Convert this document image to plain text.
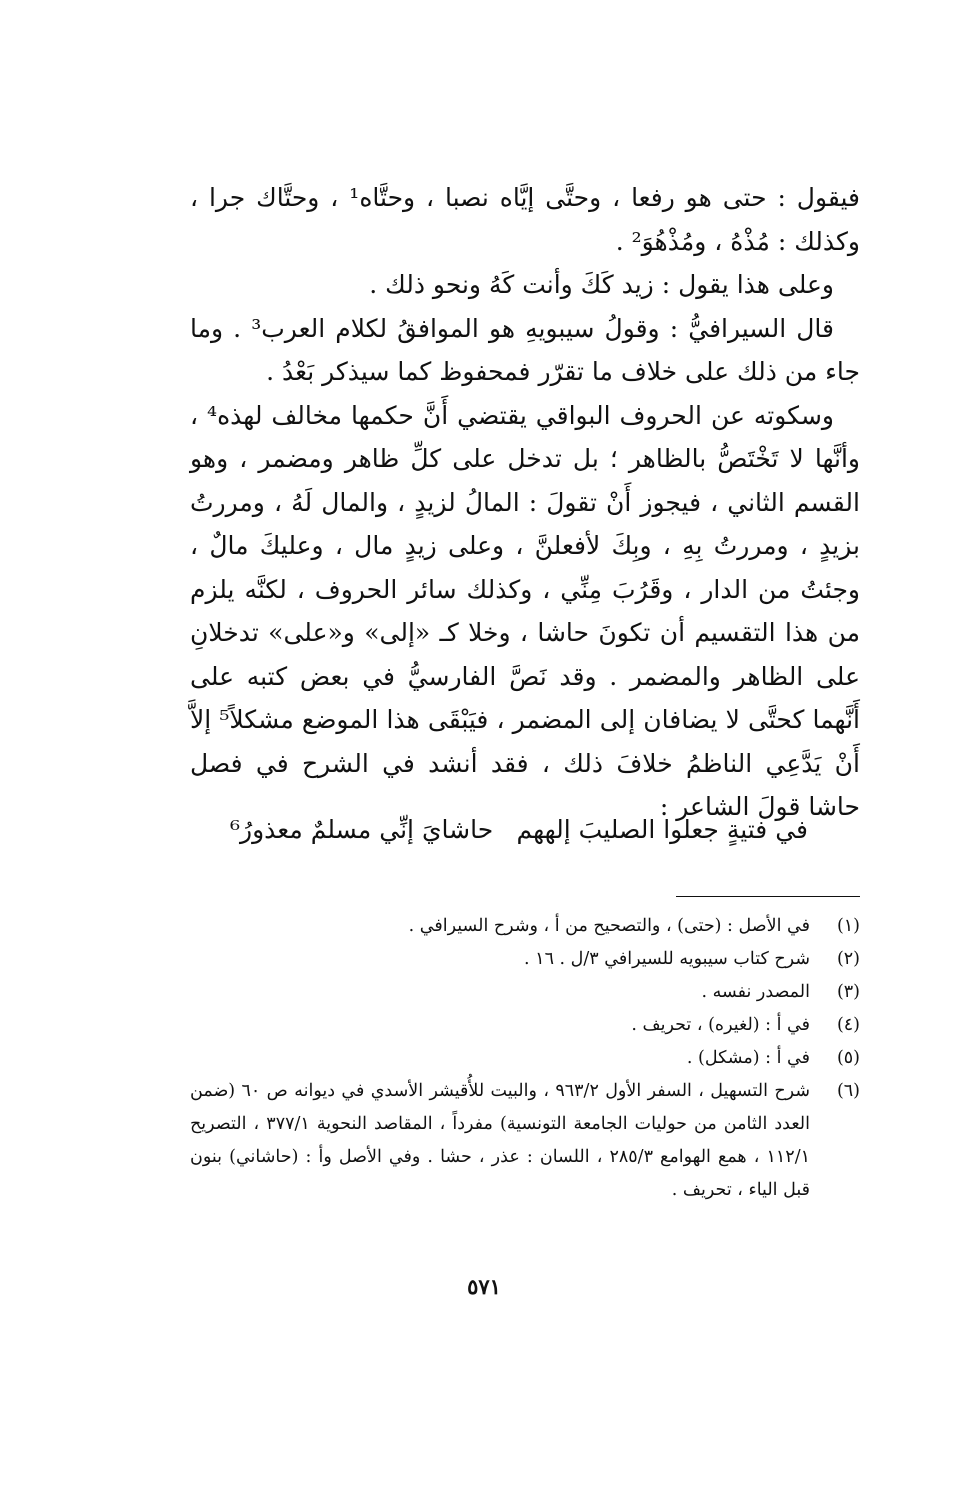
فيقول : حتى هو رفعا ، وحتَّى إيَّاه نصبا ، وحتَّاه¹ ، وحتَّاك جرا ، وكذلك : مُذْهُ ، ومُذْهُوَ² .

وعلى هذا يقول : زيد كَكَ وأنت كَهُ ونحو ذلك .

قال السيرافيُّ : وقولُ سيبويهِ هو الموافقُ لكلام العرب³ . وما جاء من ذلك على خلاف ما تقرّر فمحفوظ كما سيذكر بَعْدُ .

وسكوته عن الحروف البواقي يقتضي أَنَّ حكمها مخالف لهذه⁴ ، وأنَّها لا تَخْتَصُّ بالظاهر ؛ بل تدخل على كلِّ ظاهر ومضمر ، وهو القسم الثاني ، فيجوز أَنْ تقولَ : المالُ لزيدٍ ، والمال لَهُ ، ومررتُ بزيدٍ ، ومررتُ بِهِ ، وبِكَ لأفعلنَّ ، وعلى زيدٍ مال ، وعليكَ مالٌ ، وجئتُ من الدار ، وقَرُبَ مِنِّي ، وكذلك سائر الحروف ، لكنَّه يلزم من هذا التقسيم أن تكونَ حاشا ، وخلا كـ «إلى» و«على» تدخلانِ على الظاهر والمضمر . وقد نَصَّ الفارسيُّ في بعض كتبه على أَنَّهما كحتَّى لا يضافان إلى المضمر ، فيَبْقَى هذا الموضع مشكلاً⁵ إلاَّ أَنْ يَدَّعِي الناظمُ خلافَ ذلك ، فقد أنشد في الشرح في فصل حاشا قولَ الشاعر :

في فتيةٍ جعلوا الصليبَ إلههم
حاشايَ إنِّي مسلمٌ معذورُ⁶
(١)
في الأصل : (حتى) ، والتصحيح من أ ، وشرح السيرافي .
(٢)
شرح كتاب سيبويه للسيرافي ٣/ل . ١٦ .
(٣)
المصدر نفسه .
(٤)
في أ : (لغيره) ، تحريف .
(٥)
في أ : (مشكل) .
(٦)
شرح التسهيل ، السفر الأول ٩٦٣/٢ ، والبيت للأُقيشر الأسدي في ديوانه ص ٦٠ (ضمن العدد الثامن من حوليات الجامعة التونسية) مفرداً ، المقاصد النحوية ٣٧٧/١ ، التصريح ١١٢/١ ، همع الهوامع ٢٨٥/٣ ، اللسان : عذر ، حشا . وفي الأصل وأ : (حاشاني) بنون قبل الياء ، تحريف .
٥٧١
